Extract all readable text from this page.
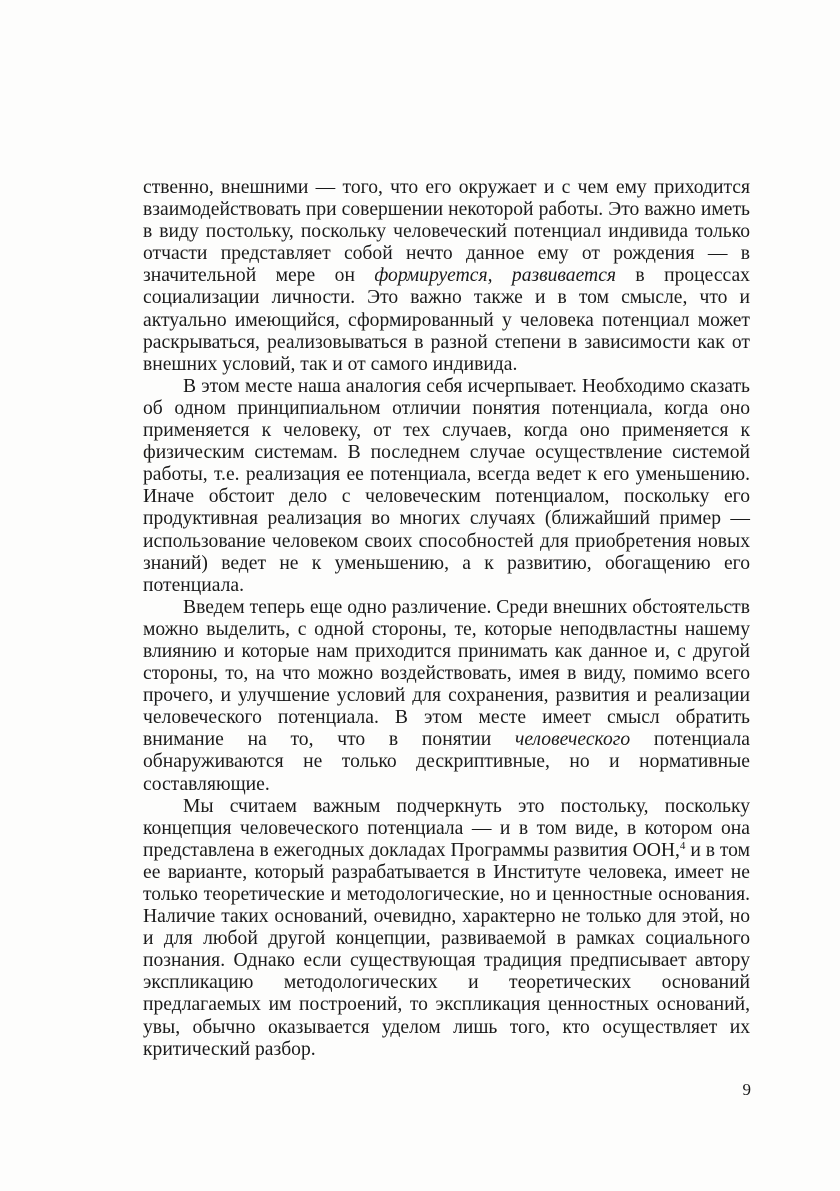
ственно, внешними — того, что его окружает и с чем ему приходится взаимодействовать при совершении некоторой работы. Это важно иметь в виду постольку, поскольку человеческий потенциал индивида только отчасти представляет собой нечто данное ему от рождения — в значительной мере он формируется, развивается в процессах социализации личности. Это важно также и в том смысле, что и актуально имеющийся, сформированный у человека потенциал может раскрываться, реализовываться в разной степени в зависимости как от внешних условий, так и от самого индивида.

В этом месте наша аналогия себя исчерпывает. Необходимо сказать об одном принципиальном отличии понятия потенциала, когда оно применяется к человеку, от тех случаев, когда оно применяется к физическим системам. В последнем случае осуществление системой работы, т.е. реализация ее потенциала, всегда ведет к его уменьшению. Иначе обстоит дело с человеческим потенциалом, поскольку его продуктивная реализация во многих случаях (ближайший пример — использование человеком своих способностей для приобретения новых знаний) ведет не к уменьшению, а к развитию, обогащению его потенциала.

Введем теперь еще одно различение. Среди внешних обстоятельств можно выделить, с одной стороны, те, которые неподвластны нашему влиянию и которые нам приходится принимать как данное и, с другой стороны, то, на что можно воздействовать, имея в виду, помимо всего прочего, и улучшение условий для сохранения, развития и реализации человеческого потенциала. В этом месте имеет смысл обратить внимание на то, что в понятии человеческого потенциала обнаруживаются не только дескриптивные, но и нормативные составляющие.

Мы считаем важным подчеркнуть это постольку, поскольку концепция человеческого потенциала — и в том виде, в котором она представлена в ежегодных докладах Программы развития ООН,$^4$ и в том ее варианте, который разрабатывается в Институте человека, имеет не только теоретические и методологические, но и ценностные основания. Наличие таких оснований, очевидно, характерно не только для этой, но и для любой другой концепции, развиваемой в рамках социального познания. Однако если существующая традиция предписывает автору экспликацию методологических и теоретических оснований предлагаемых им построений, то экспликация ценностных оснований, увы, обычно оказывается уделом лишь того, кто осуществляет их критический разбор.

9
